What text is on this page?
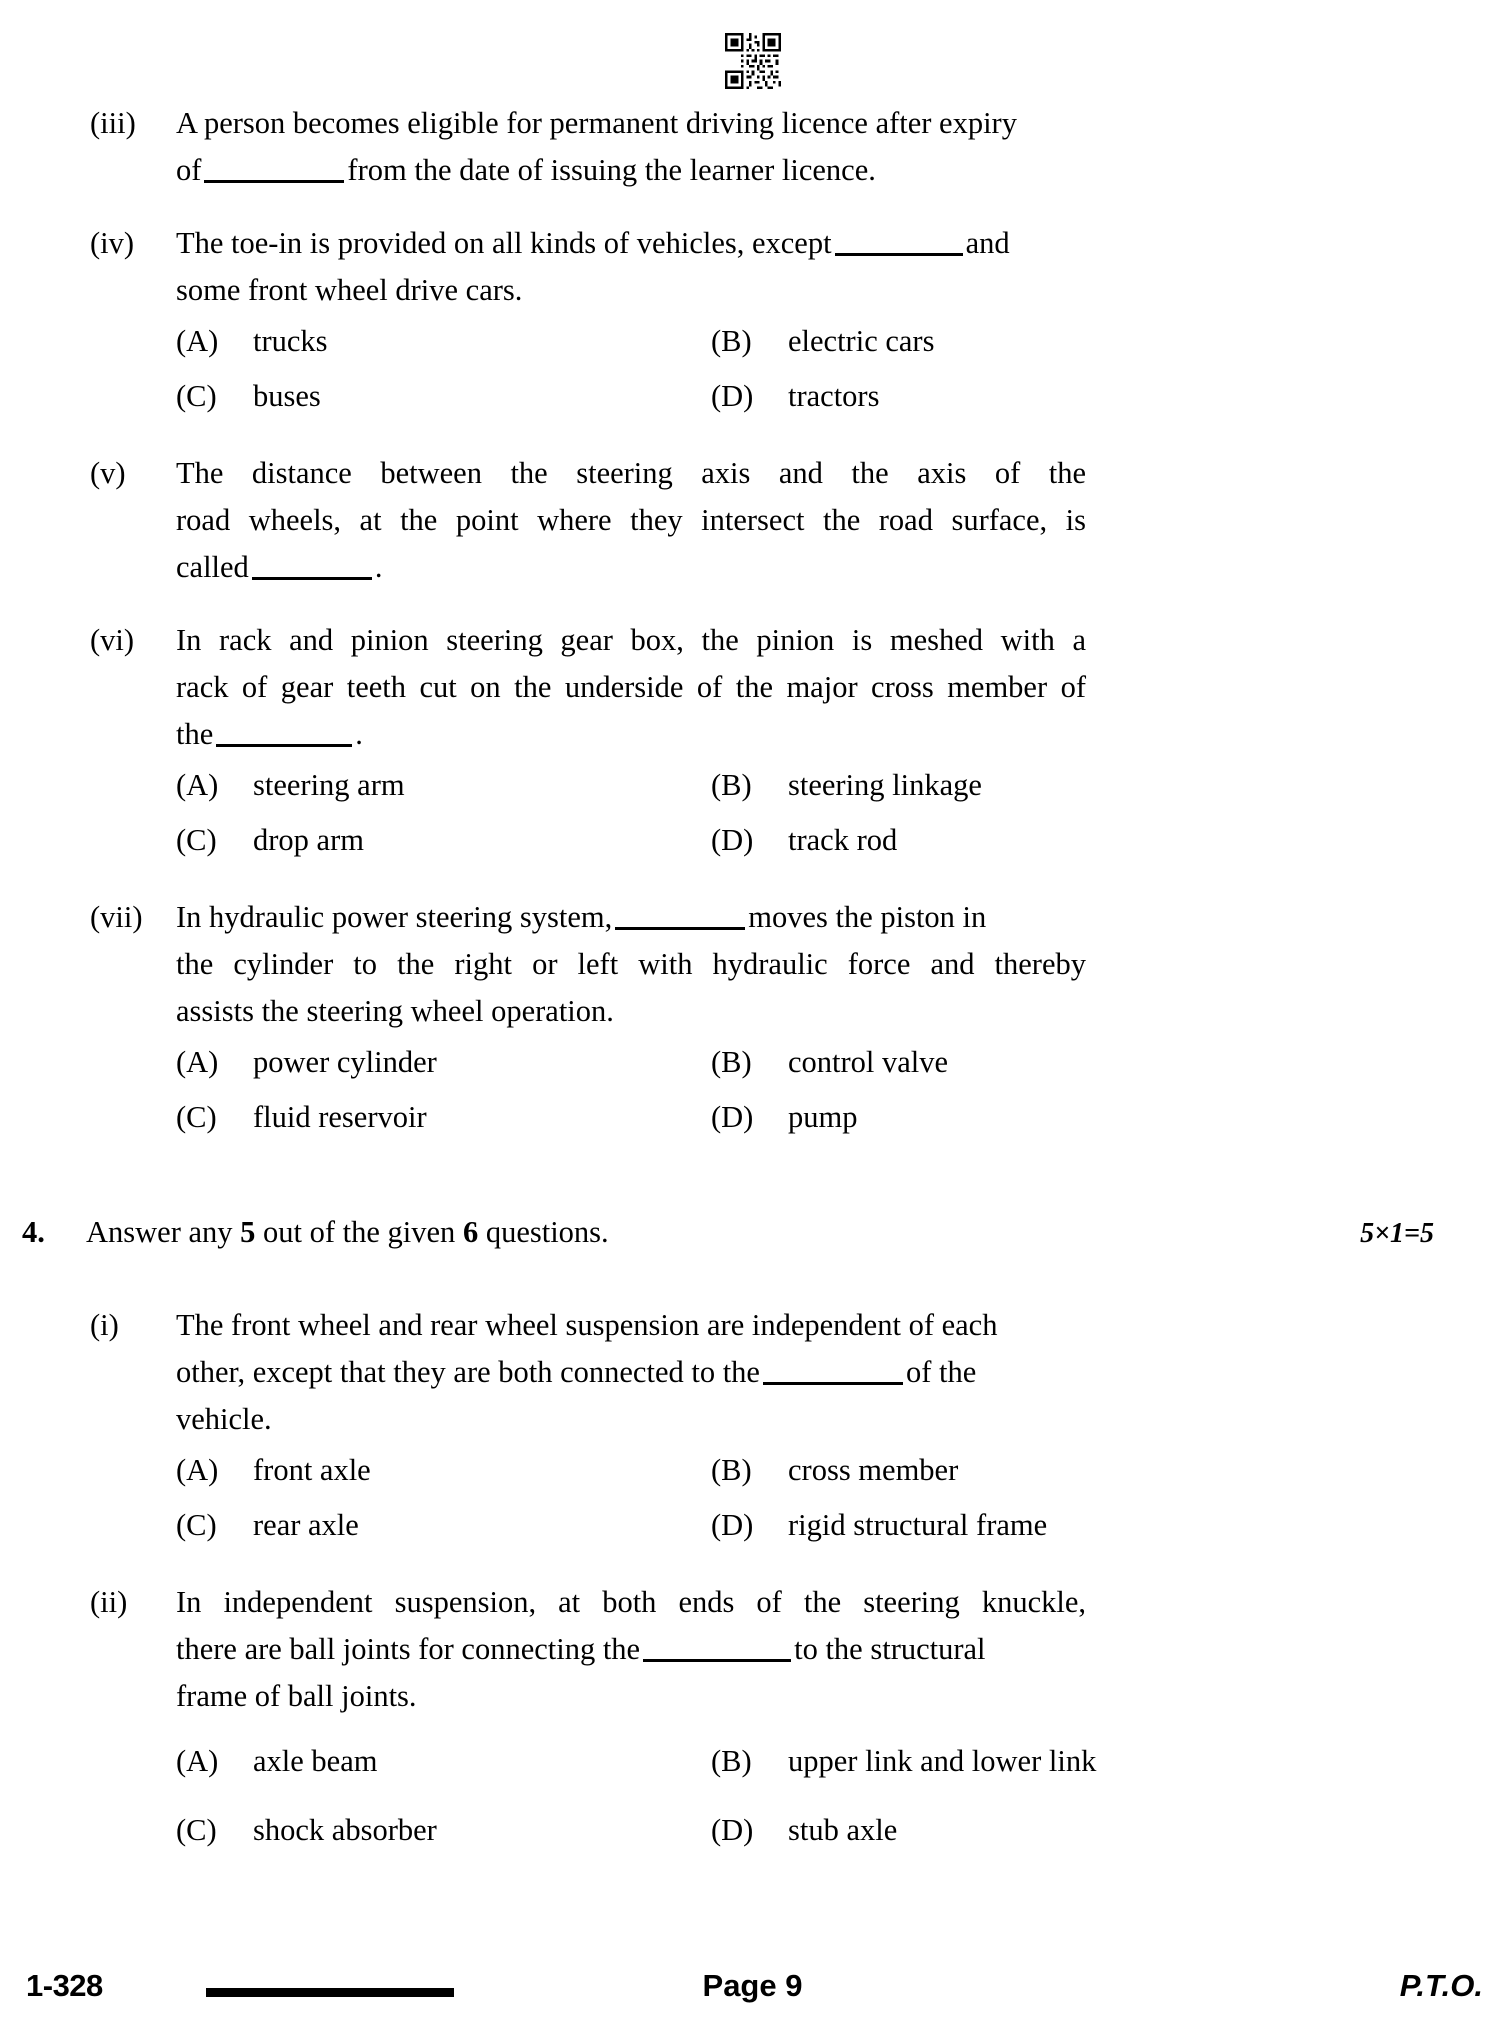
(iii)	A person becomes eligible for permanent driving licence after expiry
of	from the date of issuing the learner licence.
(iv)	The toe-in is provided on all kinds of vehicles, except	and
some front wheel drive cars.
(A)	trucks	(B)	electric cars
(C)	buses	(D)	tractors
(v)	The distance between the steering axis and the axis of the
road wheels, at the point where they intersect the road surface, is
called	.
(vi)	In rack and pinion steering gear box, the pinion is meshed with a
rack of gear teeth cut on the underside of the major cross member of
the	.
(A)	steering arm	(B)	steering linkage
(C)	drop arm	(D)	track rod
(vii)	In hydraulic power steering system,	moves the piston in
the cylinder to the right or left with hydraulic force and thereby
assists the steering wheel operation.
(A)	power cylinder	(B)	control valve
(C)	fluid reservoir	(D)	pump
4.	Answer any 5 out of the given 6 questions.	5×1=5
(i)	The front wheel and rear wheel suspension are independent of each
other, except that they are both connected to the	of the
vehicle.
(A)	front axle	(B)	cross member
(C)	rear axle	(D)	rigid structural frame
(ii)	In independent suspension, at both ends of the steering knuckle,
there are ball joints for connecting the	to the structural
frame of ball joints.
(A)	axle beam	(B)	upper link and lower link
(C)	shock absorber	(D)	stub axle
1-328	Page 9	P.T.O.
